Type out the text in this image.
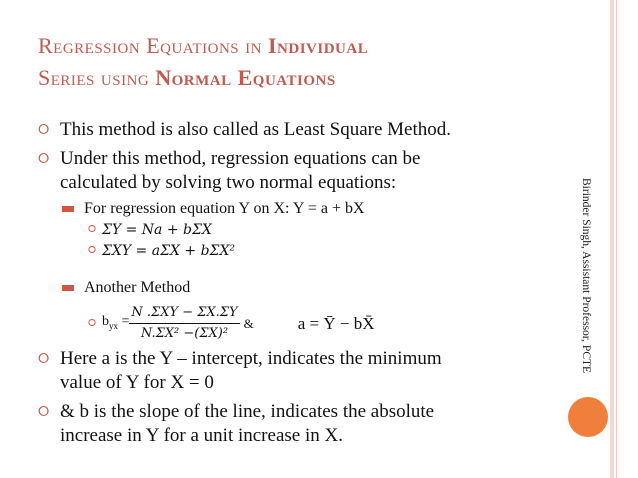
Regression Equations in Individual
Series using Normal Equations
Birinder Singh, Assistant Professor, PCTE
⭘ This method is also called as Least Square Method.
⭘ Under this method, regression equations can be
calculated by solving two normal equations:
For regression equation Y on X: Y = a + bX
⭘ ΣY = Na + bΣX
⭘ ΣXY = aΣX + bΣX²
Another Method
⭘ $b_{yx} = \frac{\text{N .ΣXY − ΣX.ΣY}}{\text{N.ΣX² −(ΣX)²}}$ &	a = Ȳ − bX̄
⭘ Here a is the Y – intercept, indicates the minimum
value of Y for X = 0
⭘ & b is the slope of the line, indicates the absolute
increase in Y for a unit increase in X.
